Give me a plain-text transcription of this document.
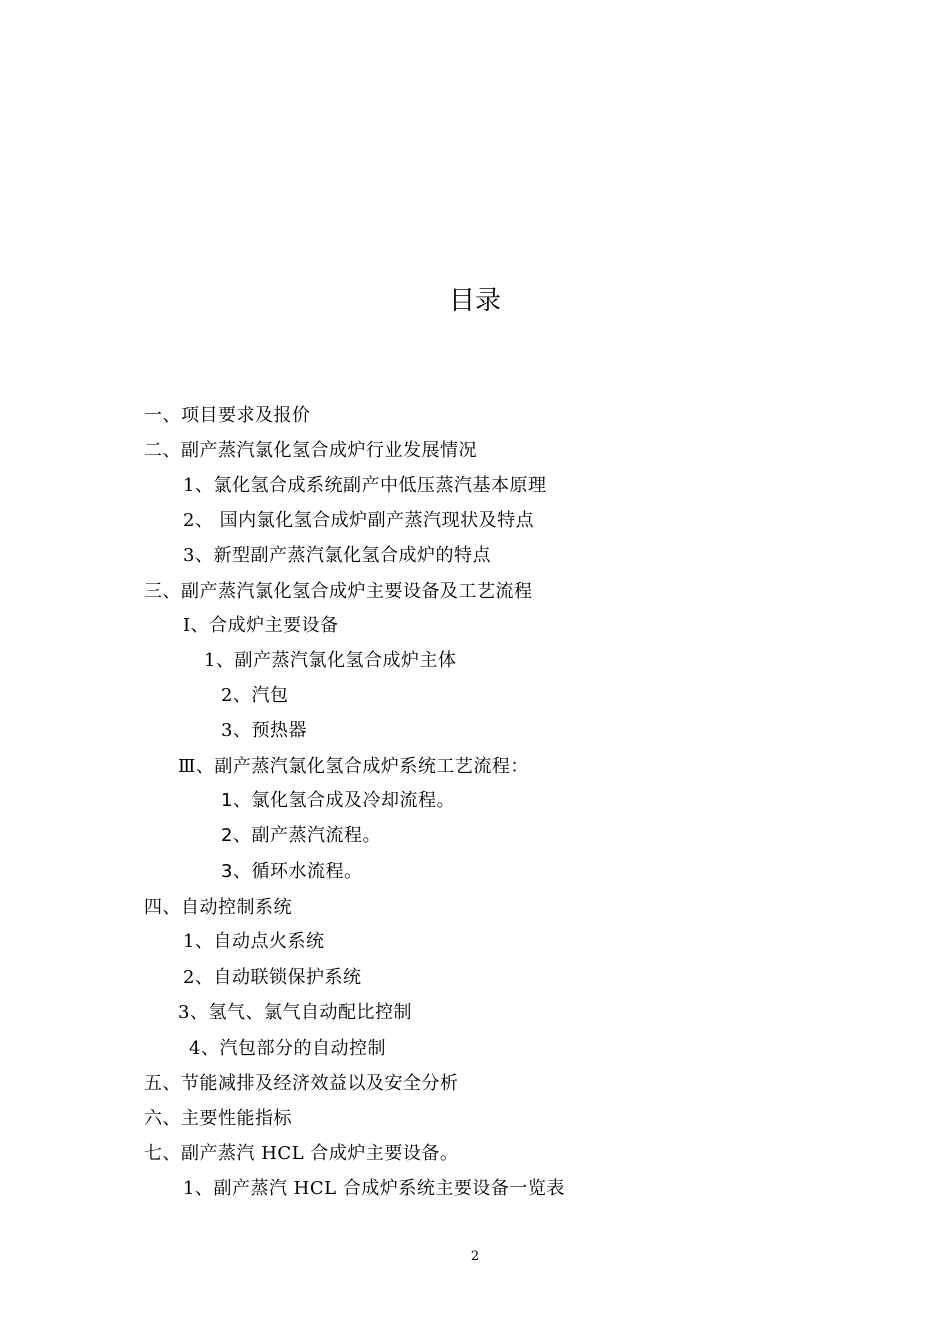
目录
一、项目要求及报价
二、副产蒸汽氯化氢合成炉行业发展情况
1、氯化氢合成系统副产中低压蒸汽基本原理
2、 国内氯化氢合成炉副产蒸汽现状及特点
3、新型副产蒸汽氯化氢合成炉的特点
三、副产蒸汽氯化氢合成炉主要设备及工艺流程
Ⅰ、合成炉主要设备
1、副产蒸汽氯化氢合成炉主体
2、汽包
3、预热器
Ⅲ、副产蒸汽氯化氢合成炉系统工艺流程：
1、氯化氢合成及冷却流程。
2、副产蒸汽流程。
3、循环水流程。
四、自动控制系统
1、自动点火系统
2、自动联锁保护系统
3、氢气、氯气自动配比控制
4、汽包部分的自动控制
五、节能减排及经济效益以及安全分析
六、主要性能指标
七、副产蒸汽 HCL 合成炉主要设备。
1、副产蒸汽 HCL 合成炉系统主要设备一览表
2
